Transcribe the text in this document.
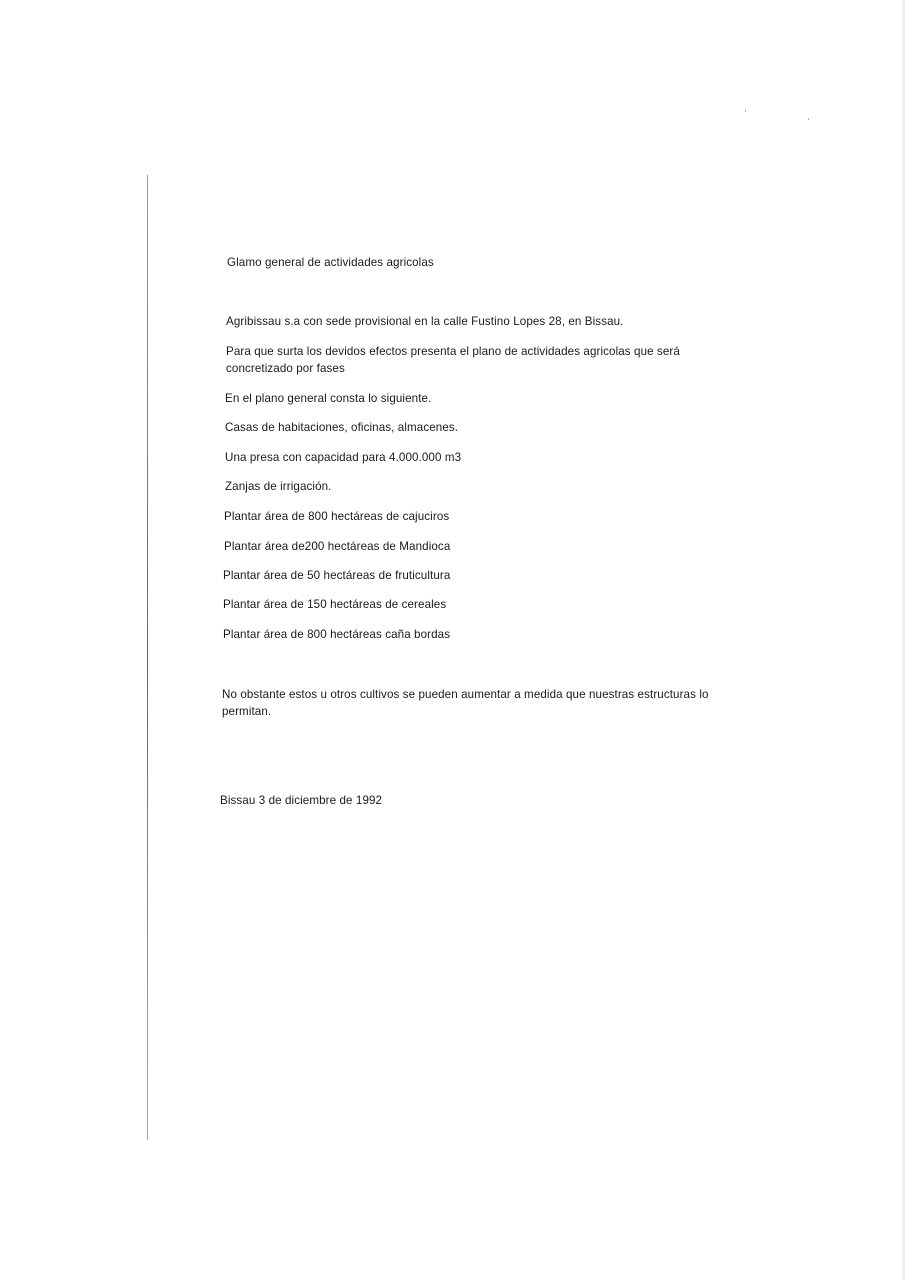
Glamo general de actividades agricolas
Agribissau s.a con sede provisional en la calle Fustino Lopes 28, en Bissau.
Para que surta los devidos efectos presenta el plano de actividades agricolas que será
concretizado por fases
En el plano general consta lo siguiente.
Casas de habitaciones, oficinas, almacenes.
Una presa con capacidad para 4.000.000 m3
Zanjas de irrigación.
Plantar área de 800 hectáreas de cajuciros
Plantar área de200 hectáreas de Mandioca
Plantar área de 50 hectáreas de fruticultura
Plantar área de 150 hectáreas de cereales
Plantar área de 800 hectáreas caña bordas
No obstante estos u otros cultivos se pueden aumentar a medida que nuestras estructuras lo
permitan.
Bissau 3 de diciembre de 1992
